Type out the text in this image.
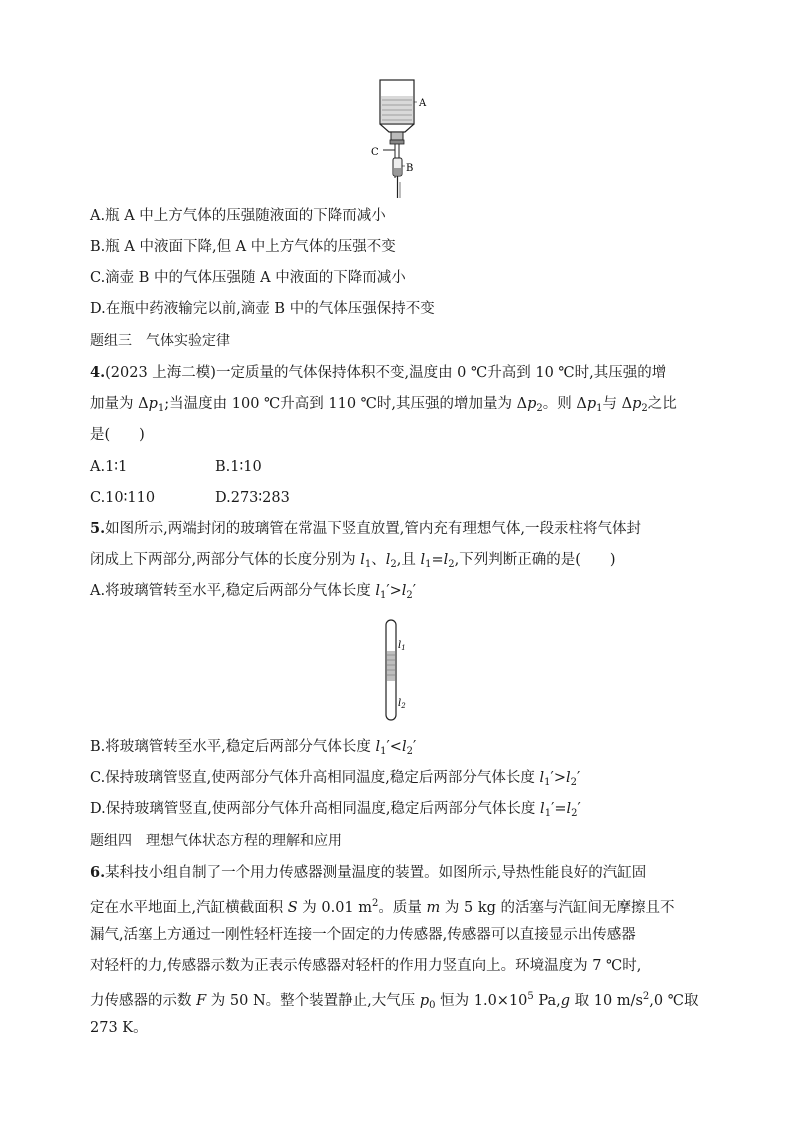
A
B
C
A.瓶 A 中上方气体的压强随液面的下降而减小
B.瓶 A 中液面下降,但 A 中上方气体的压强不变
C.滴壶 B 中的气体压强随 A 中液面的下降而减小
D.在瓶中药液输完以前,滴壶 B 中的气体压强保持不变
题组三　气体实验定律
4.(2023 上海二模)一定质量的气体保持体积不变,温度由 0 ℃升高到 10 ℃时,其压强的增
加量为 $\Delta p_1$;当温度由 100 ℃升高到 110 ℃时,其压强的增加量为 $\Delta p_2$。则 $\Delta p_1$与 $\Delta p_2$之比
是(　　)
A.1∶1	B.1∶10
C.10∶110	D.273∶283
5.如图所示,两端封闭的玻璃管在常温下竖直放置,管内充有理想气体,一段汞柱将气体封
闭成上下两部分,两部分气体的长度分别为 $l_1$、$l_2$,且 $l_1=l_2$,下列判断正确的是(　　)
A.将玻璃管转至水平,稳定后两部分气体长度 $l_1'>l_2'$
$l_1$
$l_2$
B.将玻璃管转至水平,稳定后两部分气体长度 $l_1'<l_2'$
C.保持玻璃管竖直,使两部分气体升高相同温度,稳定后两部分气体长度 $l_1'>l_2'$
D.保持玻璃管竖直,使两部分气体升高相同温度,稳定后两部分气体长度 $l_1'=l_2'$
题组四　理想气体状态方程的理解和应用
6.某科技小组自制了一个用力传感器测量温度的装置。如图所示,导热性能良好的汽缸固
定在水平地面上,汽缸横截面积 S 为 0.01 $m^2$。质量 m 为 5 kg 的活塞与汽缸间无摩擦且不
漏气,活塞上方通过一刚性轻杆连接一个固定的力传感器,传感器可以直接显示出传感器
对轻杆的力,传感器示数为正表示传感器对轻杆的作用力竖直向上。环境温度为 7 ℃时,
力传感器的示数 F 为 50 N。整个装置静止,大气压 $p_0$ 恒为 $1.0\times 10^5$ Pa,g 取 10 $m/s^2,0$ ℃取
273 K。
